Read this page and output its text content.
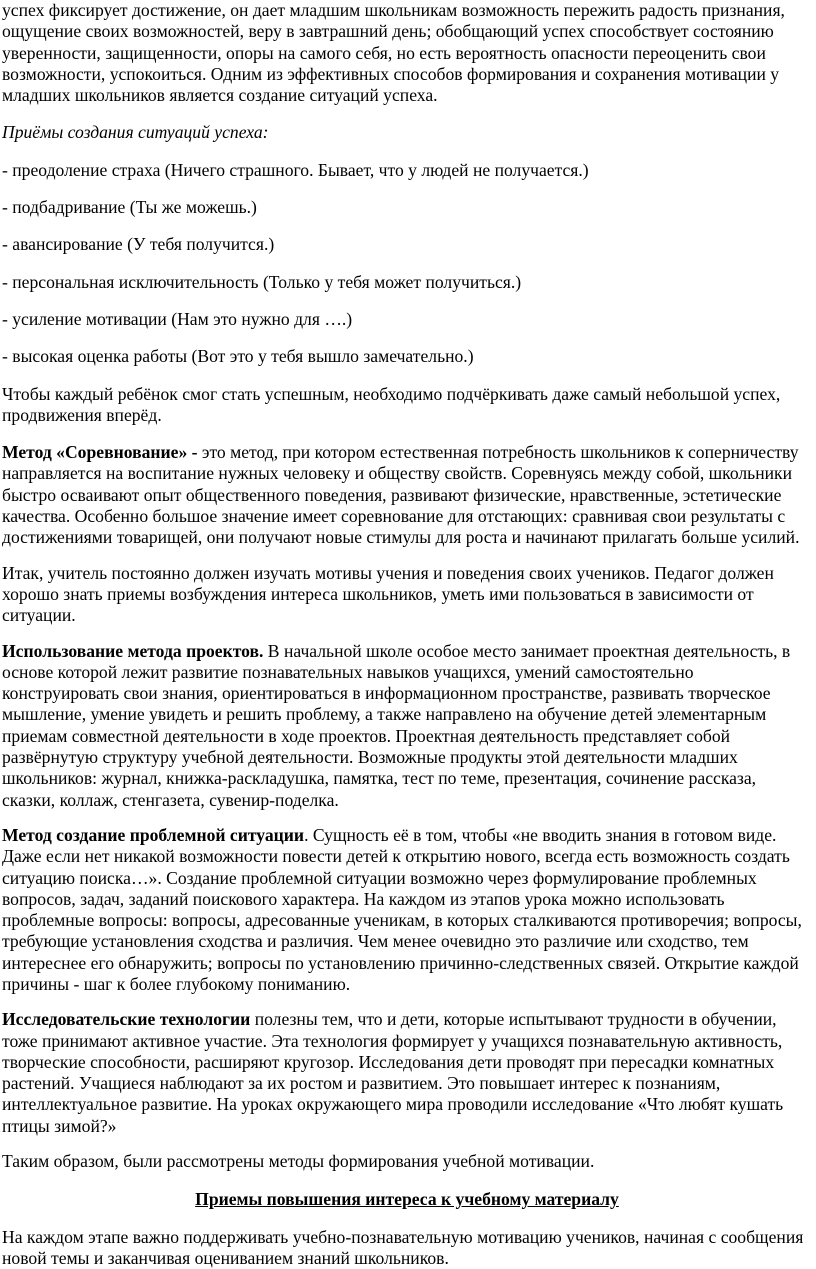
успех фиксирует достижение, он дает младшим школьникам возможность пережить радость признания, ощущение своих возможностей, веру в завтрашний день; обобщающий успех способствует состоянию уверенности, защищенности, опоры на самого себя, но есть вероятность опасности переоценить свои возможности, успокоиться. Одним из эффективных способов формирования и сохранения мотивации у младших школьников является создание ситуаций успеха.

Приёмы создания ситуаций успеха:

- преодоление страха (Ничего страшного. Бывает, что у людей не получается.)

- подбадривание (Ты же можешь.)

- авансирование (У тебя получится.)

- персональная исключительность (Только у тебя может получиться.)

- усиление мотивации (Нам это нужно для ….)

- высокая оценка работы (Вот это у тебя вышло замечательно.)

Чтобы каждый ребёнок смог стать успешным, необходимо подчёркивать даже самый небольшой успех, продвижения вперёд.

Метод «Соревнование» - это метод, при котором естественная потребность школьников к соперничеству направляется на воспитание нужных человеку и обществу свойств. Соревнуясь между собой, школьники быстро осваивают опыт общественного поведения, развивают физические, нравственные, эстетические качества. Особенно большое значение имеет соревнование для отстающих: сравнивая свои результаты с достижениями товарищей, они получают новые стимулы для роста и начинают прилагать больше усилий.

Итак, учитель постоянно должен изучать мотивы учения и поведения своих учеников. Педагог должен хорошо знать приемы возбуждения интереса школьников, уметь ими пользоваться в зависимости от ситуации.

Использование метода проектов. В начальной школе особое место занимает проектная деятельность, в основе которой лежит развитие познавательных навыков учащихся, умений самостоятельно конструировать свои знания, ориентироваться в информационном пространстве, развивать творческое мышление, умение увидеть и решить проблему, а также направлено на обучение детей элементарным приемам совместной деятельности в ходе проектов. Проектная деятельность представляет собой развёрнутую структуру учебной деятельности. Возможные продукты этой деятельности младших школьников: журнал, книжка-раскладушка, памятка, тест по теме, презентация, сочинение рассказа, сказки, коллаж, стенгазета, сувенир-поделка.

Метод создание проблемной ситуации. Сущность её в том, чтобы «не вводить знания в готовом виде. Даже если нет никакой возможности повести детей к открытию нового, всегда есть возможность создать ситуацию поиска…». Создание проблемной ситуации возможно через формулирование проблемных вопросов, задач, заданий поискового характера. На каждом из этапов урока можно использовать проблемные вопросы: вопросы, адресованные ученикам, в которых сталкиваются противоречия; вопросы, требующие установления сходства и различия. Чем менее очевидно это различие или сходство, тем интереснее его обнаружить; вопросы по установлению причинно-следственных связей. Открытие каждой причины - шаг к более глубокому пониманию.

Исследовательские технологии полезны тем, что и дети, которые испытывают трудности в обучении, тоже принимают активное участие. Эта технология формирует у учащихся познавательную активность, творческие способности, расширяют кругозор. Исследования дети проводят при пересадки комнатных растений. Учащиеся наблюдают за их ростом и развитием. Это повышает интерес к познаниям, интеллектуальное развитие. На уроках окружающего мира проводили исследование «Что любят кушать птицы зимой?»

Таким образом, были рассмотрены методы формирования учебной мотивации.

Приемы повышения интереса к учебному материалу

На каждом этапе важно поддерживать учебно-познавательную мотивацию учеников, начиная с сообщения новой темы и заканчивая оцениванием знаний школьников.
